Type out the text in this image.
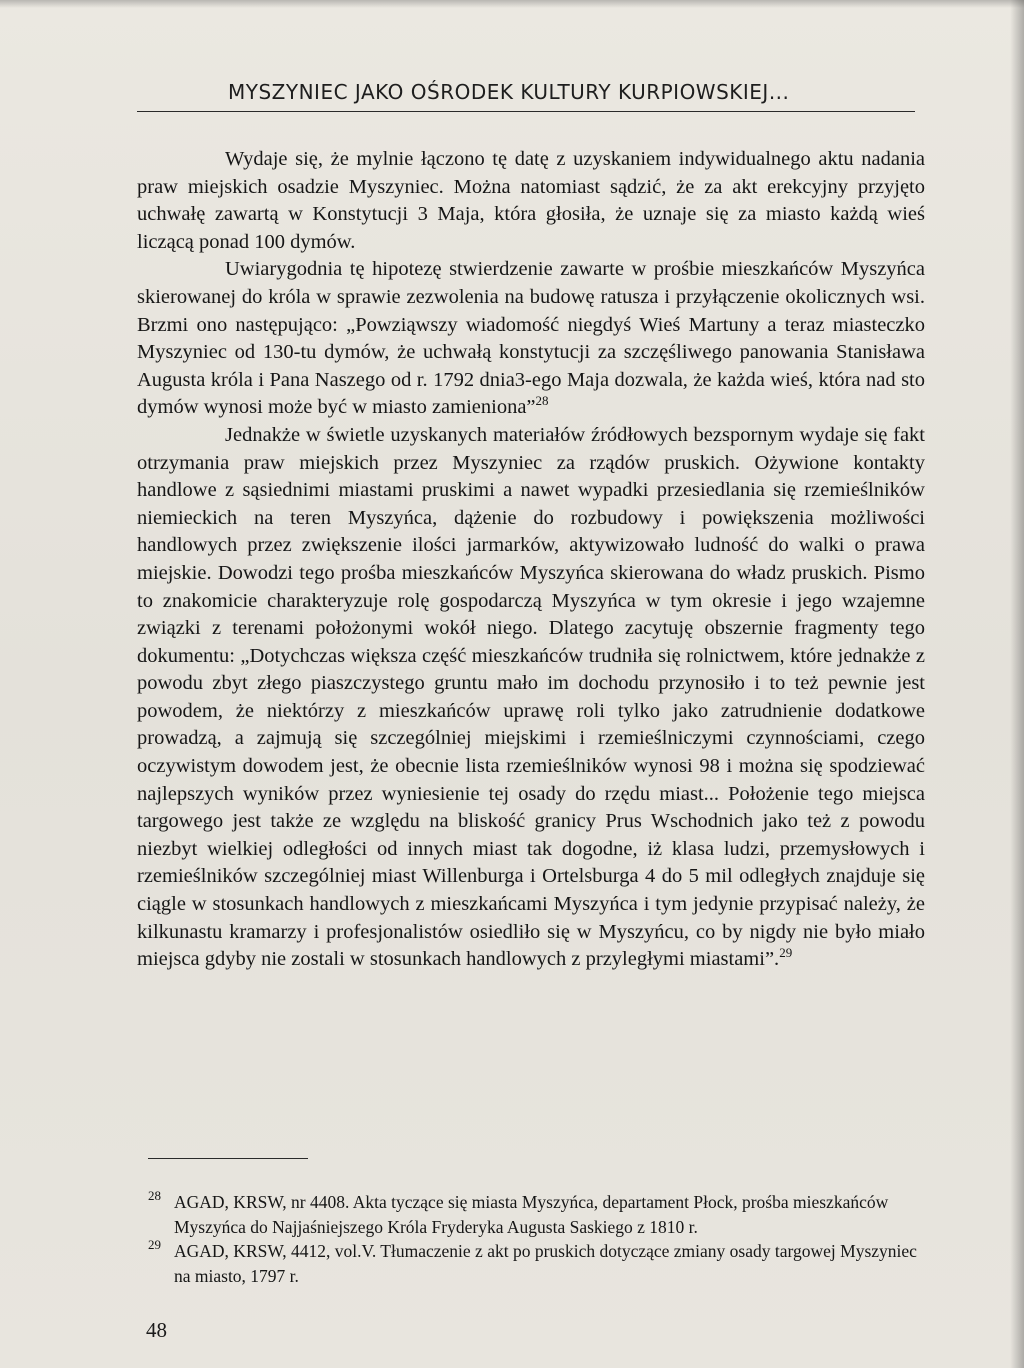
MYSZYNIEC JAKO OŚRODEK KULTURY KURPIOWSKIEJ...

Wydaje się, że mylnie łączono tę datę z uzyskaniem indywidualnego aktu nadania praw miejskich osadzie Myszyniec. Można natomiast sądzić, że za akt erekcyjny przyjęto uchwałę zawartą w Konstytucji 3 Maja, która głosiła, że uznaje się za miasto każdą wieś liczącą ponad 100 dymów.

Uwiarygodnia tę hipotezę stwierdzenie zawarte w prośbie mieszkańców Myszyńca skierowanej do króla w sprawie zezwolenia na budowę ratusza i przyłączenie okolicznych wsi. Brzmi ono następująco: „Powziąwszy wiadomość niegdyś Wieś Martuny a teraz miasteczko Myszyniec od 130-tu dymów, że uchwałą konstytucji za szczęśliwego panowania Stanisława Augusta króla i Pana Naszego od r. 1792 dnia3-ego Maja dozwala, że każda wieś, która nad sto dymów wynosi może być w miasto zamieniona”$^{28}$

Jednakże w świetle uzyskanych materiałów źródłowych bezspornym wydaje się fakt otrzymania praw miejskich przez Myszyniec za rządów pruskich. Ożywione kontakty handlowe z sąsiednimi miastami pruskimi a nawet wypadki przesiedlania się rzemieślników niemieckich na teren Myszyńca, dążenie do rozbudowy i powiększenia możliwości handlowych przez zwiększenie ilości jarmarków, aktywizowało ludność do walki o prawa miejskie. Dowodzi tego prośba mieszkańców Myszyńca skierowana do władz pruskich. Pismo to znakomicie charakteryzuje rolę gospodarczą Myszyńca w tym okresie i jego wzajemne związki z terenami położonymi wokół niego. Dlatego zacytuję obszernie fragmenty tego dokumentu: „Dotychczas większa część mieszkańców trudniła się rolnictwem, które jednakże z powodu zbyt złego piaszczystego gruntu mało im dochodu przynosiło i to też pewnie jest powodem, że niektórzy z mieszkańców uprawę roli tylko jako zatrudnienie dodatkowe prowadzą, a zajmują się szczególniej miejskimi i rzemieślniczymi czynnościami, czego oczywistym dowodem jest, że obecnie lista rzemieślników wynosi 98 i można się spodziewać najlepszych wyników przez wyniesienie tej osady do rzędu miast... Położenie tego miejsca targowego jest także ze względu na bliskość granicy Prus Wschodnich jako też z powodu niezbyt wielkiej odległości od innych miast tak dogodne, iż klasa ludzi, przemysłowych i rzemieślników szczególniej miast Willenburga i Ortelsburga 4 do 5 mil odległych znajduje się ciągle w stosunkach handlowych z mieszkańcami Myszyńca i tym jedynie przypisać należy, że kilkunastu kramarzy i profesjonalistów osiedliło się w Myszyńcu, co by nigdy nie było miało miejsca gdyby nie zostali w stosunkach handlowych z przyległymi miastami”.$^{29}$

28 AGAD, KRSW, nr 4408. Akta tyczące się miasta Myszyńca, departament Płock, prośba mieszkańców Myszyńca do Najjaśniejszego Króla Fryderyka Augusta Saskiego z 1810 r.

29 AGAD, KRSW, 4412, vol.V. Tłumaczenie z akt po pruskich dotyczące zmiany osady targowej Myszyniec na miasto, 1797 r.

48
